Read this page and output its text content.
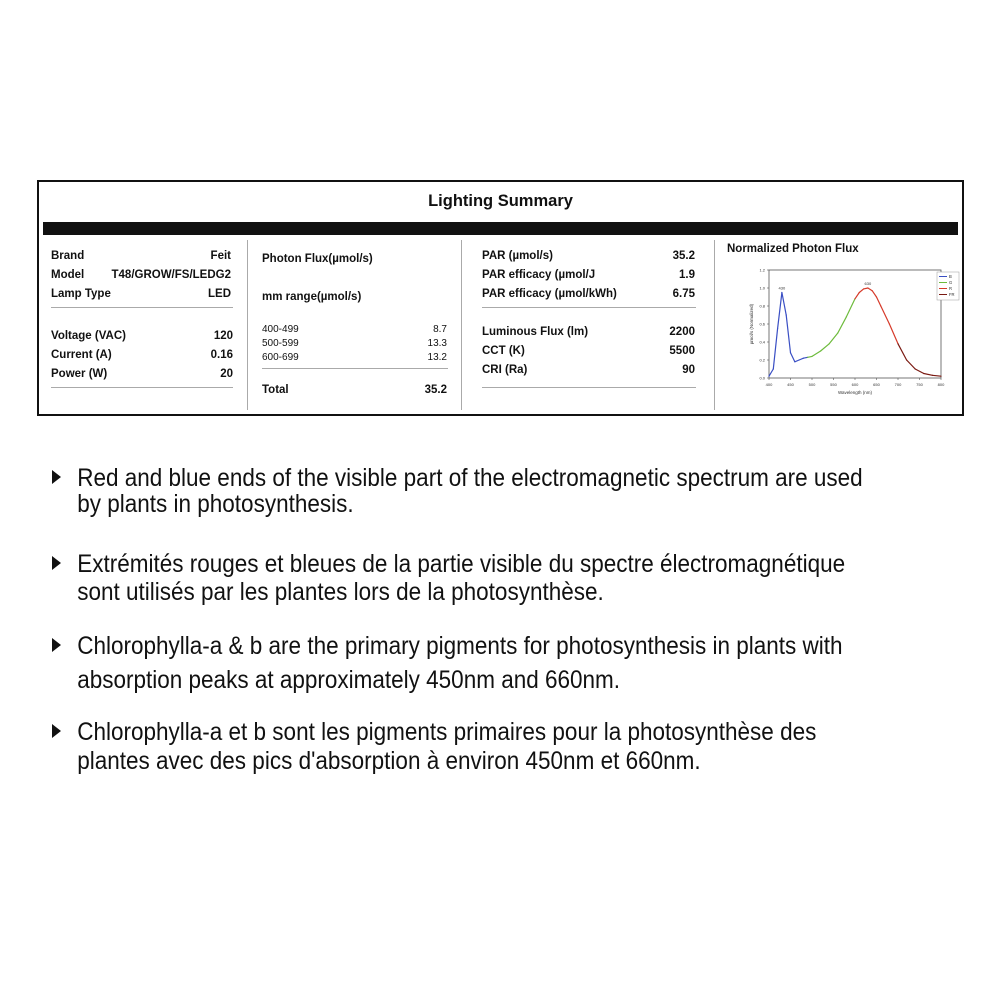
Lighting Summary
Brand	Feit
Model	T48/GROW/FS/LEDG2
Lamp Type	LED
Voltage (VAC)	120
Current (A)	0.16
Power (W)	20
Photon Flux(µmol/s)
mm range(µmol/s)
400-499	8.7
500-599	13.3
600-699	13.2
Total	35.2
PAR (µmol/s)	35.2
PAR efficacy (µmol/J	1.9
PAR efficacy (µmol/kWh)	6.75
Luminous Flux (lm)	2200
CCT (K)	5500
CRI (Ra)	90
Normalized Photon Flux
400	450	500	550	600	650	700	750	800
0.0
0.2
0.4
0.6
0.8
1.0
1.2
Wavelength (nm)
µmol/s (Normalized)
430
630
B
G
R
FR
Red and blue ends of the visible part of the electromagnetic spectrum are used
by plants in photosynthesis.
Extrémités rouges et bleues de la partie visible du spectre électromagnétique
sont utilisés par les plantes lors de la photosynthèse.
Chlorophylla-a & b are the primary pigments for photosynthesis in plants with
absorption peaks at approximately 450nm and 660nm.
Chlorophylla-a et b sont les pigments primaires pour la photosynthèse des
plantes avec des pics d'absorption à environ 450nm et 660nm.
